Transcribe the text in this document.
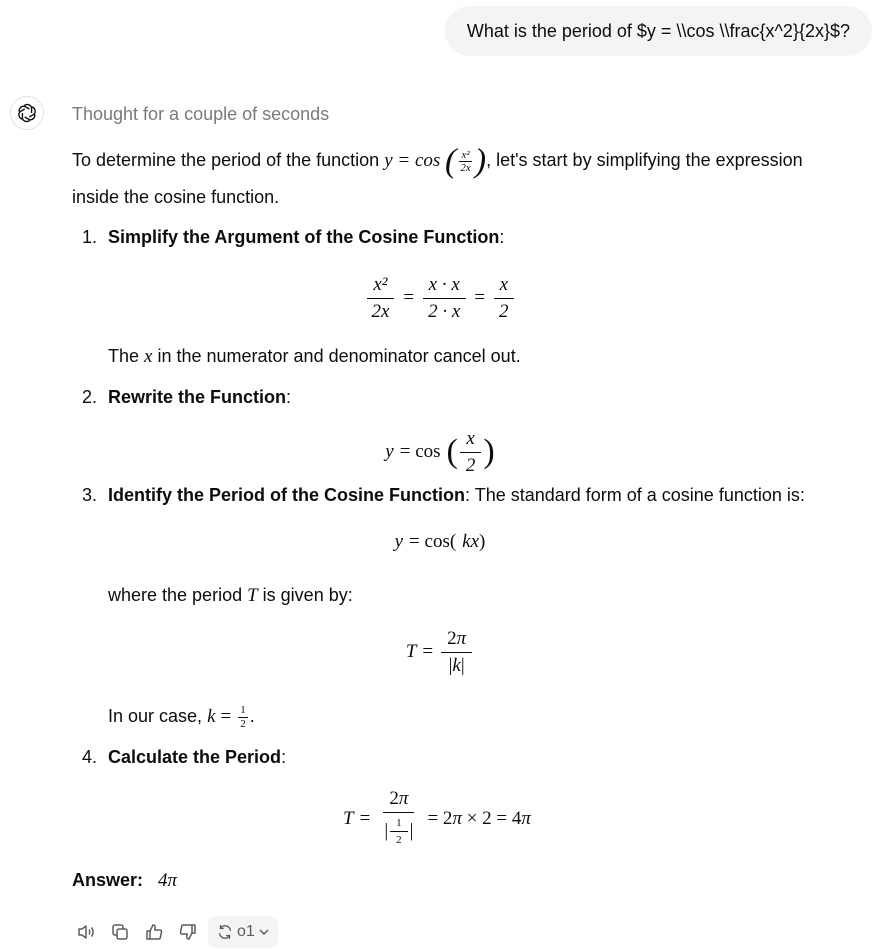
What is the period of $y = \\cos \\frac{x^2}{2x}$?
Thought for a couple of seconds
To determine the period of the function y = cos ( $\frac{\text{x²}}{2x}$ ), let's start by simplifying the expression inside the cosine function.
1. Simplify the Argument of the Cosine Function:
$\frac{\text{x²}}{2x} = \frac{x \cdot x}{2 \cdot x} = \frac{x}{2}$
The x in the numerator and denominator cancel out.
2. Rewrite the Function:
y = cos ( $\frac{x}{2}$ )
3. Identify the Period of the Cosine Function: The standard form of a cosine function is:
y = cos( kx )
where the period T is given by:
$T = \frac{2\pi}{|k|}$
In our case, $k = \frac{1}{2}$ .
4. Calculate the Period:
$T = \frac{2\pi}{| \frac{1}{2} |} = 2\pi \times 2 = 4\pi$
Answer: 4π
o1
